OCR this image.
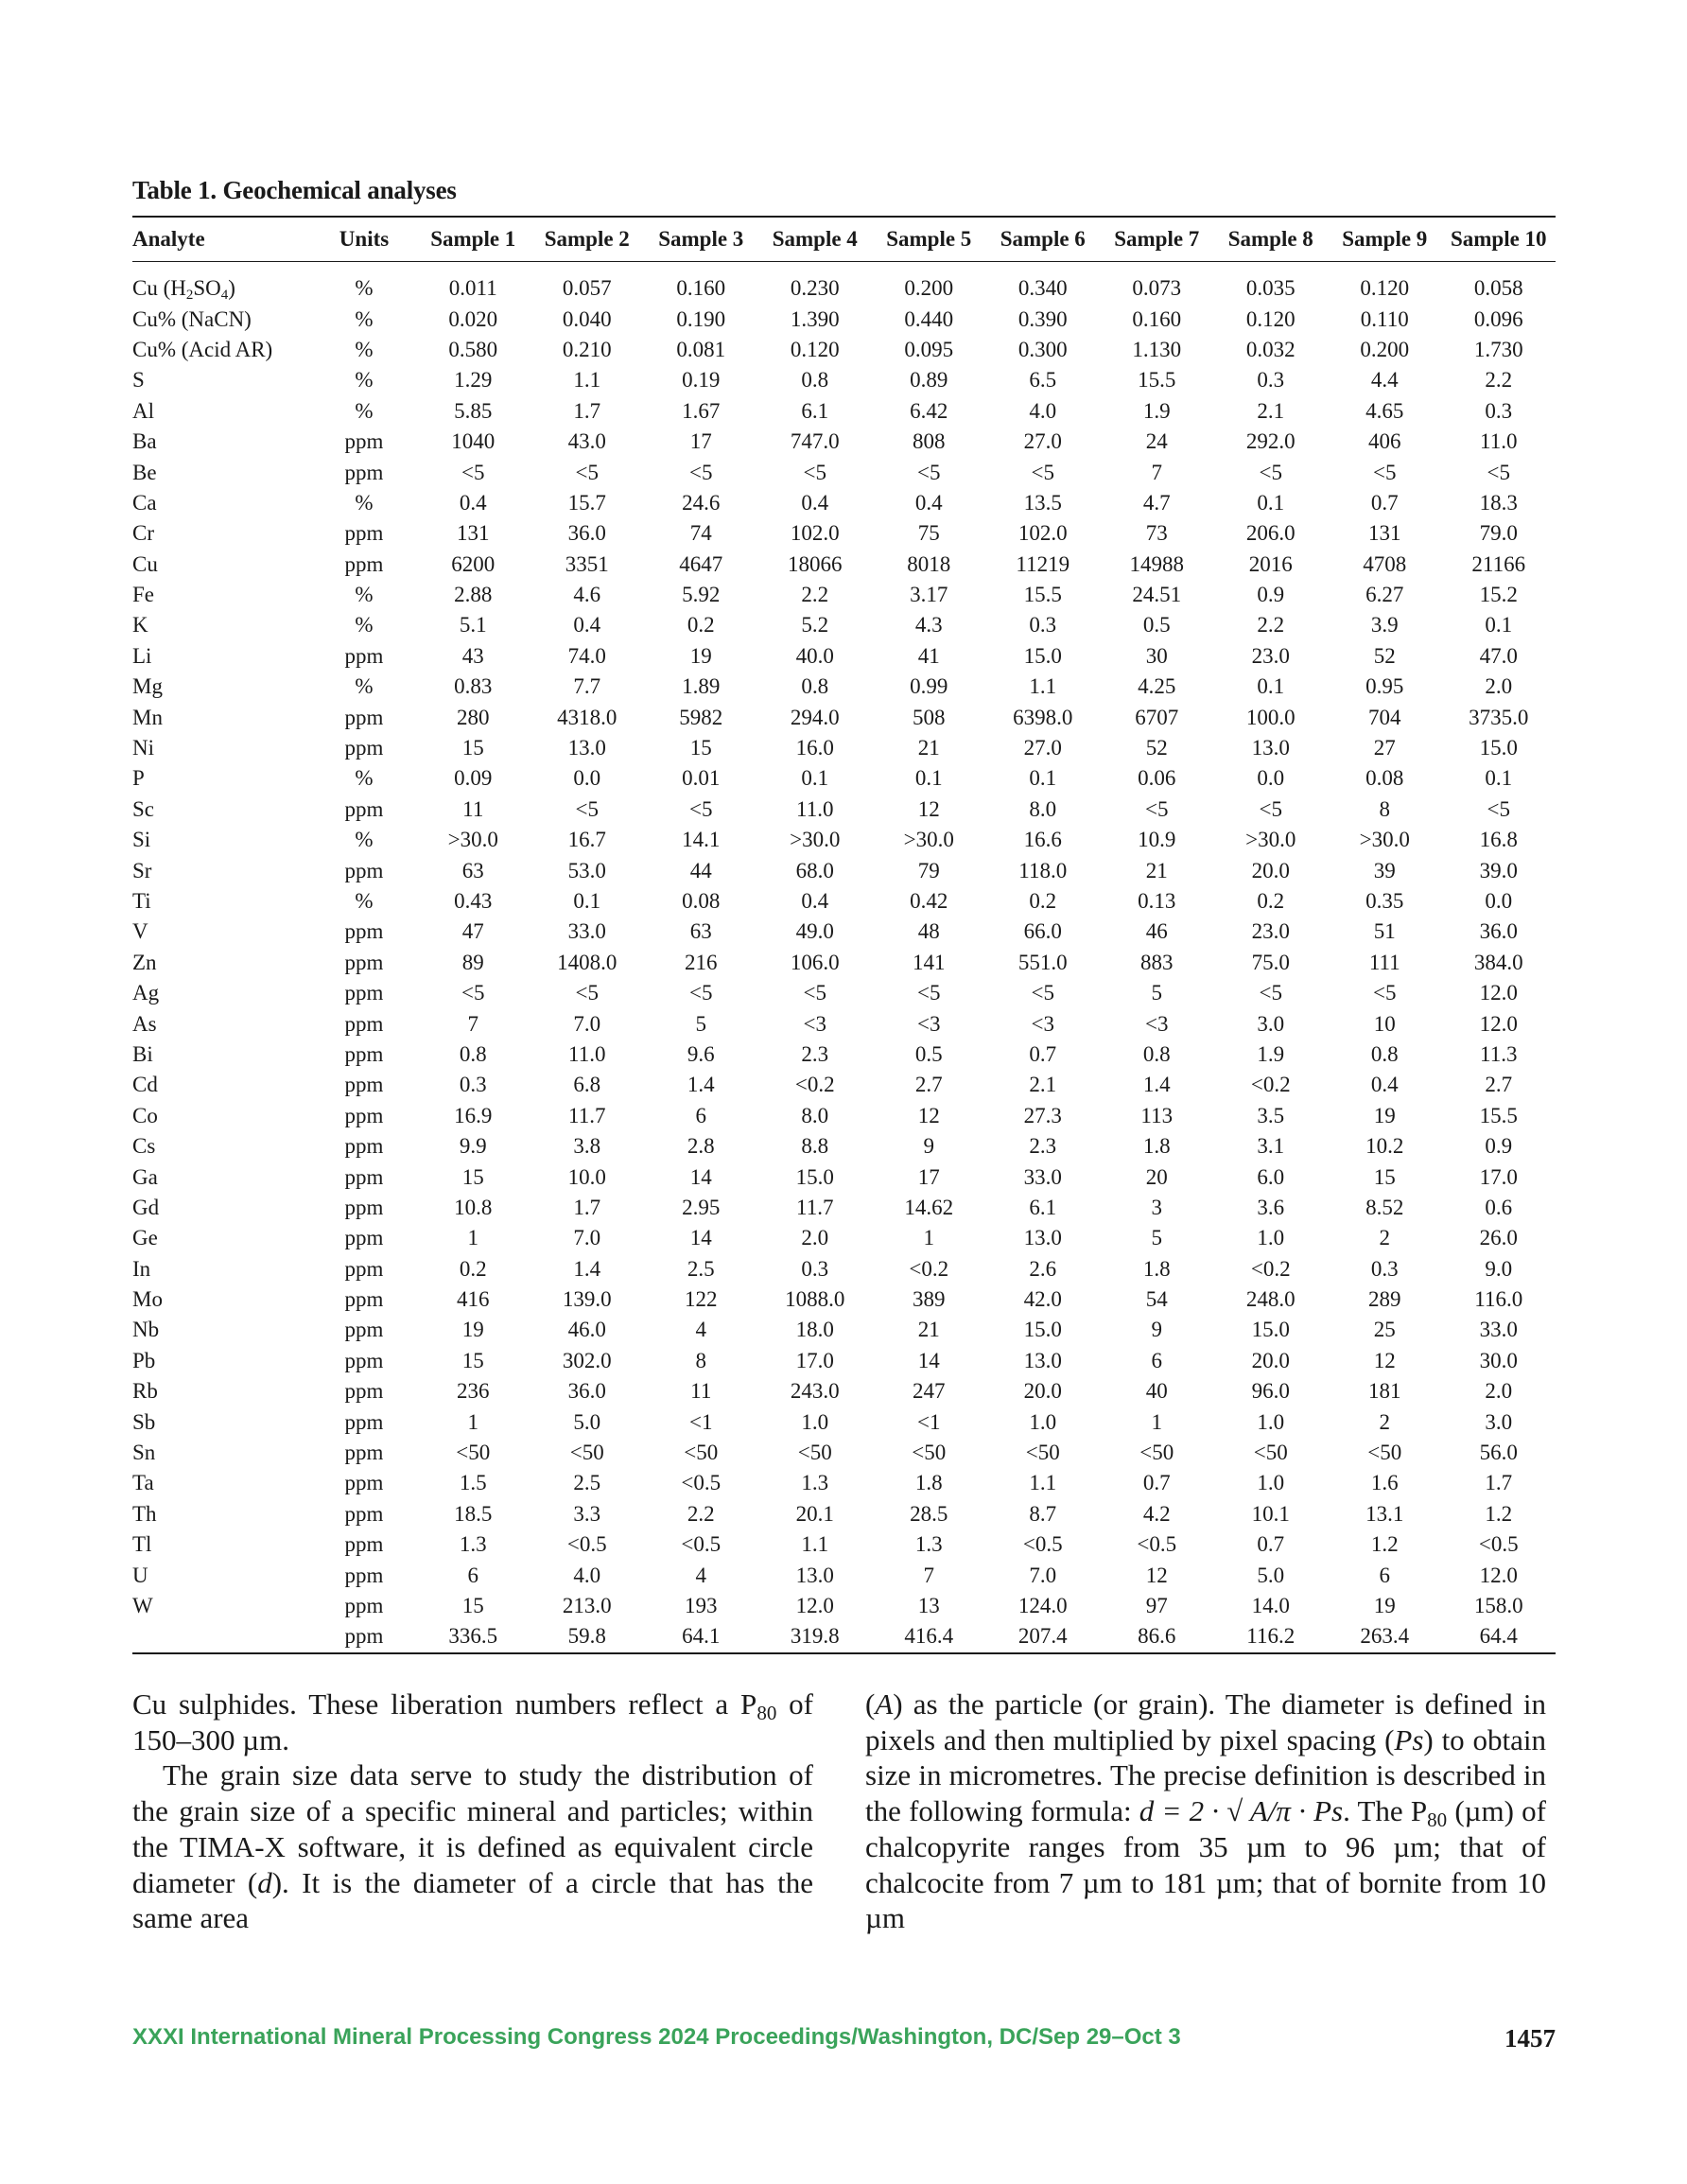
Table 1. Geochemical analyses
Analyte	Units	Sample 1	Sample 2	Sample 3	Sample 4	Sample 5	Sample 6	Sample 7	Sample 8	Sample 9	Sample 10

Cu $(H_2SO_4)$	%	0.011	0.057	0.160	0.230	0.200	0.340	0.073	0.035	0.120	0.058
Cu% (NaCN)	%	0.020	0.040	0.190	1.390	0.440	0.390	0.160	0.120	0.110	0.096
Cu% (Acid AR)	%	0.580	0.210	0.081	0.120	0.095	0.300	1.130	0.032	0.200	1.730
S	%	1.29	1.1	0.19	0.8	0.89	6.5	15.5	0.3	4.4	2.2
Al	%	5.85	1.7	1.67	6.1	6.42	4.0	1.9	2.1	4.65	0.3
Ba	ppm	1040	43.0	17	747.0	808	27.0	24	292.0	406	11.0
Be	ppm	<5	<5	<5	<5	<5	<5	7	<5	<5	<5
Ca	%	0.4	15.7	24.6	0.4	0.4	13.5	4.7	0.1	0.7	18.3
Cr	ppm	131	36.0	74	102.0	75	102.0	73	206.0	131	79.0
Cu	ppm	6200	3351	4647	18066	8018	11219	14988	2016	4708	21166
Fe	%	2.88	4.6	5.92	2.2	3.17	15.5	24.51	0.9	6.27	15.2
K	%	5.1	0.4	0.2	5.2	4.3	0.3	0.5	2.2	3.9	0.1
Li	ppm	43	74.0	19	40.0	41	15.0	30	23.0	52	47.0
Mg	%	0.83	7.7	1.89	0.8	0.99	1.1	4.25	0.1	0.95	2.0
Mn	ppm	280	4318.0	5982	294.0	508	6398.0	6707	100.0	704	3735.0
Ni	ppm	15	13.0	15	16.0	21	27.0	52	13.0	27	15.0
P	%	0.09	0.0	0.01	0.1	0.1	0.1	0.06	0.0	0.08	0.1
Sc	ppm	11	<5	<5	11.0	12	8.0	<5	<5	8	<5
Si	%	>30.0	16.7	14.1	>30.0	>30.0	16.6	10.9	>30.0	>30.0	16.8
Sr	ppm	63	53.0	44	68.0	79	118.0	21	20.0	39	39.0
Ti	%	0.43	0.1	0.08	0.4	0.42	0.2	0.13	0.2	0.35	0.0
V	ppm	47	33.0	63	49.0	48	66.0	46	23.0	51	36.0
Zn	ppm	89	1408.0	216	106.0	141	551.0	883	75.0	111	384.0
Ag	ppm	<5	<5	<5	<5	<5	<5	5	<5	<5	12.0
As	ppm	7	7.0	5	<3	<3	<3	<3	3.0	10	12.0
Bi	ppm	0.8	11.0	9.6	2.3	0.5	0.7	0.8	1.9	0.8	11.3
Cd	ppm	0.3	6.8	1.4	<0.2	2.7	2.1	1.4	<0.2	0.4	2.7
Co	ppm	16.9	11.7	6	8.0	12	27.3	113	3.5	19	15.5
Cs	ppm	9.9	3.8	2.8	8.8	9	2.3	1.8	3.1	10.2	0.9
Ga	ppm	15	10.0	14	15.0	17	33.0	20	6.0	15	17.0
Gd	ppm	10.8	1.7	2.95	11.7	14.62	6.1	3	3.6	8.52	0.6
Ge	ppm	1	7.0	14	2.0	1	13.0	5	1.0	2	26.0
In	ppm	0.2	1.4	2.5	0.3	<0.2	2.6	1.8	<0.2	0.3	9.0
Mo	ppm	416	139.0	122	1088.0	389	42.0	54	248.0	289	116.0
Nb	ppm	19	46.0	4	18.0	21	15.0	9	15.0	25	33.0
Pb	ppm	15	302.0	8	17.0	14	13.0	6	20.0	12	30.0
Rb	ppm	236	36.0	11	243.0	247	20.0	40	96.0	181	2.0
Sb	ppm	1	5.0	<1	1.0	<1	1.0	1	1.0	2	3.0
Sn	ppm	<50	<50	<50	<50	<50	<50	<50	<50	<50	56.0
Ta	ppm	1.5	2.5	<0.5	1.3	1.8	1.1	0.7	1.0	1.6	1.7
Th	ppm	18.5	3.3	2.2	20.1	28.5	8.7	4.2	10.1	13.1	1.2
Tl	ppm	1.3	<0.5	<0.5	1.1	1.3	<0.5	<0.5	0.7	1.2	<0.5
U	ppm	6	4.0	4	13.0	7	7.0	12	5.0	6	12.0
W	ppm	15	213.0	193	12.0	13	124.0	97	14.0	19	158.0
	ppm	336.5	59.8	64.1	319.8	416.4	207.4	86.6	116.2	263.4	64.4

Cu sulphides. These liberation numbers reflect a $P_{80}$ of 150–300 µm.

The grain size data serve to study the distribution of the grain size of a specific mineral and particles; within the TIMA-X software, it is defined as equivalent circle diameter (d). It is the diameter of a circle that has the same area

(A) as the particle (or grain). The diameter is defined in pixels and then multiplied by pixel spacing (Ps) to obtain size in micrometres. The precise definition is described in the following formula: d = 2 · √ A/π · Ps. The $P_{80}$ (µm) of chalcopyrite ranges from 35 µm to 96 µm; that of chalcocite from 7 µm to 181 µm; that of bornite from 10 µm

XXXI International Mineral Processing Congress 2024 Proceedings/Washington, DC/Sep 29–Oct 3	1457
